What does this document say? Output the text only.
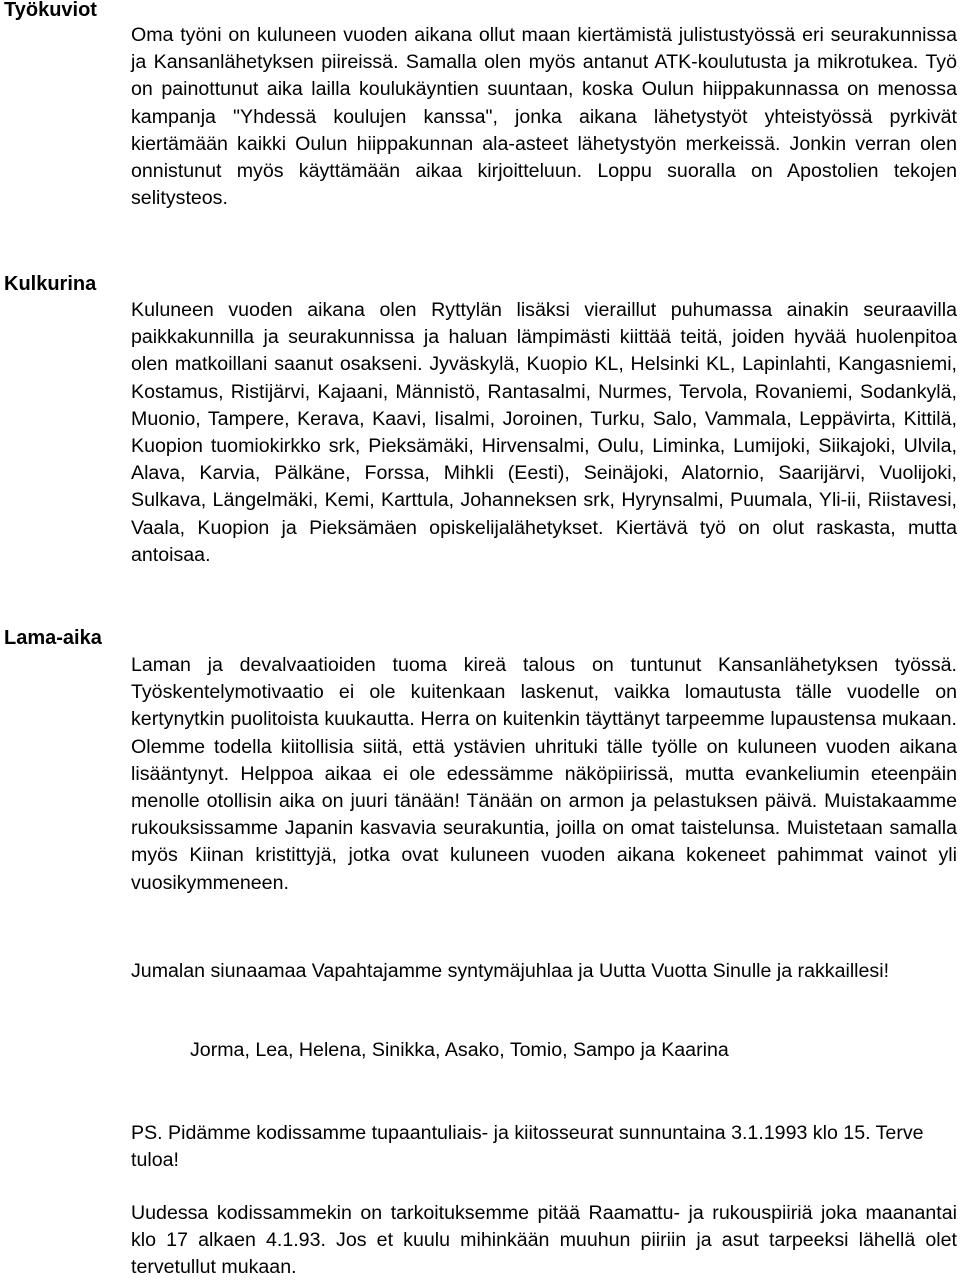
Työkuviot

Oma työni on kuluneen vuoden aikana ollut maan kiertämistä julistustyössä eri seurakunnissa ja Kansanlähetyksen piireissä. Samalla olen myös antanut ATK-koulutusta ja mikrotukea. Työ on painottunut aika lailla koulukäyntien suuntaan, koska Oulun hiippakunnassa on menossa kampanja "Yhdessä koulujen kanssa", jonka aikana lähetystyöt yhteistyössä pyrkivät kiertämään kaikki Oulun hiippakunnan ala-asteet lähetystyön merkeissä. Jonkin verran olen onnistunut myös käyttämään aikaa kirjoitteluun. Loppu suoralla on Apostolien tekojen selitysteos.

Kulkurina

Kuluneen vuoden aikana olen Ryttylän lisäksi vieraillut puhumassa ainakin seuraavilla paikkakunnilla ja seurakunnissa ja haluan lämpimästi kiittää teitä, joiden hyvää huolenpitoa olen matkoillani saanut osakseni. Jyväskylä, Kuopio KL, Helsinki KL, Lapinlahti, Kangasniemi, Kostamus, Ristijärvi, Kajaani, Männistö, Rantasalmi, Nurmes, Tervola, Rovaniemi, Sodankylä, Muonio, Tampere, Kerava, Kaavi, Iisalmi, Joroinen, Turku, Salo, Vammala, Leppävirta, Kittilä, Kuopion tuomiokirkko srk, Pieksämäki, Hirvensalmi, Oulu, Liminka, Lumijoki, Siikajoki, Ulvila, Alava, Karvia, Pälkäne, Forssa, Mihkli (Eesti), Seinäjoki, Alatornio, Saarijärvi, Vuolijoki, Sulkava, Längelmäki, Kemi, Karttula, Johanneksen srk, Hyrynsalmi, Puumala, Yli-ii, Riistavesi, Vaala, Kuopion ja Pieksämäen opiskelijalähetykset. Kiertävä työ on olut raskasta, mutta antoisaa.

Lama-aika

Laman ja devalvaatioiden tuoma kireä talous on tuntunut Kansanlähetyksen työssä. Työskentelymotivaatio ei ole kuitenkaan laskenut, vaikka lomautusta tälle vuodelle on kertynytkin puolitoista kuukautta. Herra on kuitenkin täyttänyt tarpeemme lupaustensa mukaan. Olemme todella kiitollisia siitä, että ystävien uhrituki tälle työlle on kuluneen vuoden aikana lisääntynyt. Helppoa aikaa ei ole edessämme näköpiirissä, mutta evankeliumin eteenpäin menolle otollisin aika on juuri tänään! Tänään on armon ja pelastuksen päivä. Muistakaamme rukouksissamme Japanin kasvavia seurakuntia, joilla on omat taistelunsa. Muistetaan samalla myös Kiinan kristittyjä, jotka ovat kuluneen vuoden aikana kokeneet pahimmat vainot yli vuosikymmeneen.

Jumalan siunaamaa Vapahtajamme syntymäjuhlaa ja Uutta Vuotta Sinulle ja rakkaillesi!

Jorma, Lea, Helena, Sinikka, Asako, Tomio, Sampo ja Kaarina

PS. Pidämme kodissamme tupaantuliais- ja kiitosseurat sunnuntaina 3.1.1993 klo 15. Terve tuloa!

Uudessa kodissammekin on tarkoituksemme pitää Raamattu- ja rukouspiiriä joka maanantai klo 17 alkaen 4.1.93. Jos et kuulu mihinkään muuhun piiriin ja asut tarpeeksi lähellä olet tervetullut mukaan.
